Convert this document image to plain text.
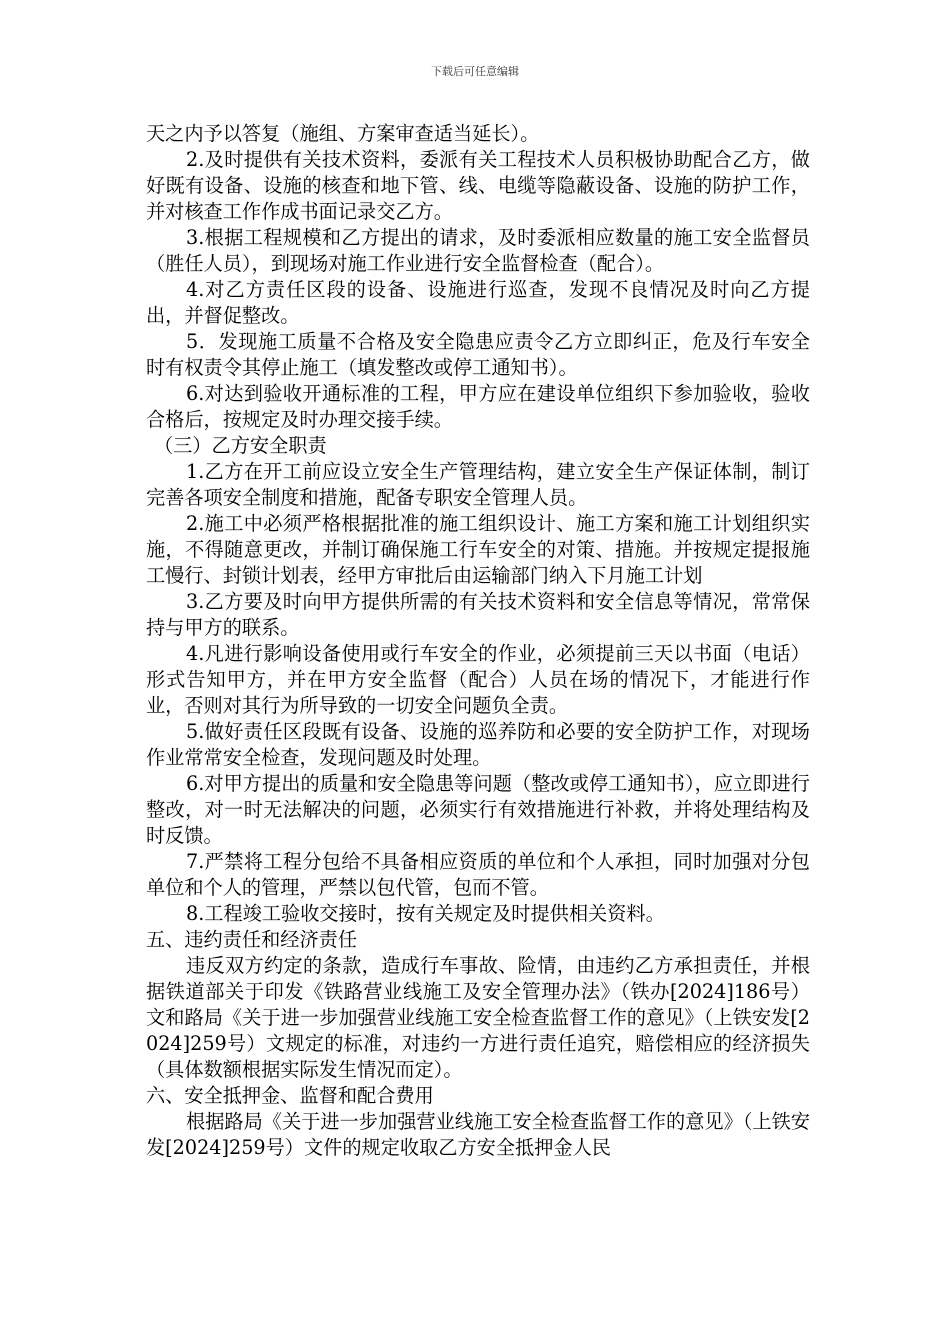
下载后可任意编辑

天之内予以答复（施组、方案审查适当延长）。

2.及时提供有关技术资料，委派有关工程技术人员积极协助配合乙方，做好既有设备、设施的核查和地下管、线、电缆等隐蔽设备、设施的防护工作，并对核查工作作成书面记录交乙方。

3.根据工程规模和乙方提出的请求，及时委派相应数量的施工安全监督员（胜任人员），到现场对施工作业进行安全监督检查（配合）。

4.对乙方责任区段的设备、设施进行巡查，发现不良情况及时向乙方提出，并督促整改。

5．发现施工质量不合格及安全隐患应责令乙方立即纠正，危及行车安全时有权责令其停止施工（填发整改或停工通知书）。

6.对达到验收开通标准的工程，甲方应在建设单位组织下参加验收，验收合格后，按规定及时办理交接手续。

（三）乙方安全职责

1.乙方在开工前应设立安全生产管理结构，建立安全生产保证体制，制订完善各项安全制度和措施，配备专职安全管理人员。

2.施工中必须严格根据批准的施工组织设计、施工方案和施工计划组织实施，不得随意更改，并制订确保施工行车安全的对策、措施。并按规定提报施工慢行、封锁计划表，经甲方审批后由运输部门纳入下月施工计划

3.乙方要及时向甲方提供所需的有关技术资料和安全信息等情况，常常保持与甲方的联系。

4.凡进行影响设备使用或行车安全的作业，必须提前三天以书面（电话）形式告知甲方，并在甲方安全监督（配合）人员在场的情况下，才能进行作业，否则对其行为所导致的一切安全问题负全责。

5.做好责任区段既有设备、设施的巡养防和必要的安全防护工作，对现场作业常常安全检查，发现问题及时处理。

6.对甲方提出的质量和安全隐患等问题（整改或停工通知书），应立即进行整改，对一时无法解决的问题，必须实行有效措施进行补救，并将处理结构及时反馈。

7.严禁将工程分包给不具备相应资质的单位和个人承担，同时加强对分包单位和个人的管理，严禁以包代管，包而不管。

8.工程竣工验收交接时，按有关规定及时提供相关资料。

五、违约责任和经济责任

违反双方约定的条款，造成行车事故、险情，由违约乙方承担责任，并根据铁道部关于印发《铁路营业线施工及安全管理办法》（铁办[2024]186号）文和路局《关于进一步加强营业线施工安全检查监督工作的意见》（上铁安发[2024]259号）文规定的标准，对违约一方进行责任追究，赔偿相应的经济损失（具体数额根据实际发生情况而定）。

六、安全抵押金、监督和配合费用

根据路局《关于进一步加强营业线施工安全检查监督工作的意见》（上铁安发[2024]259号）文件的规定收取乙方安全抵押金人民
